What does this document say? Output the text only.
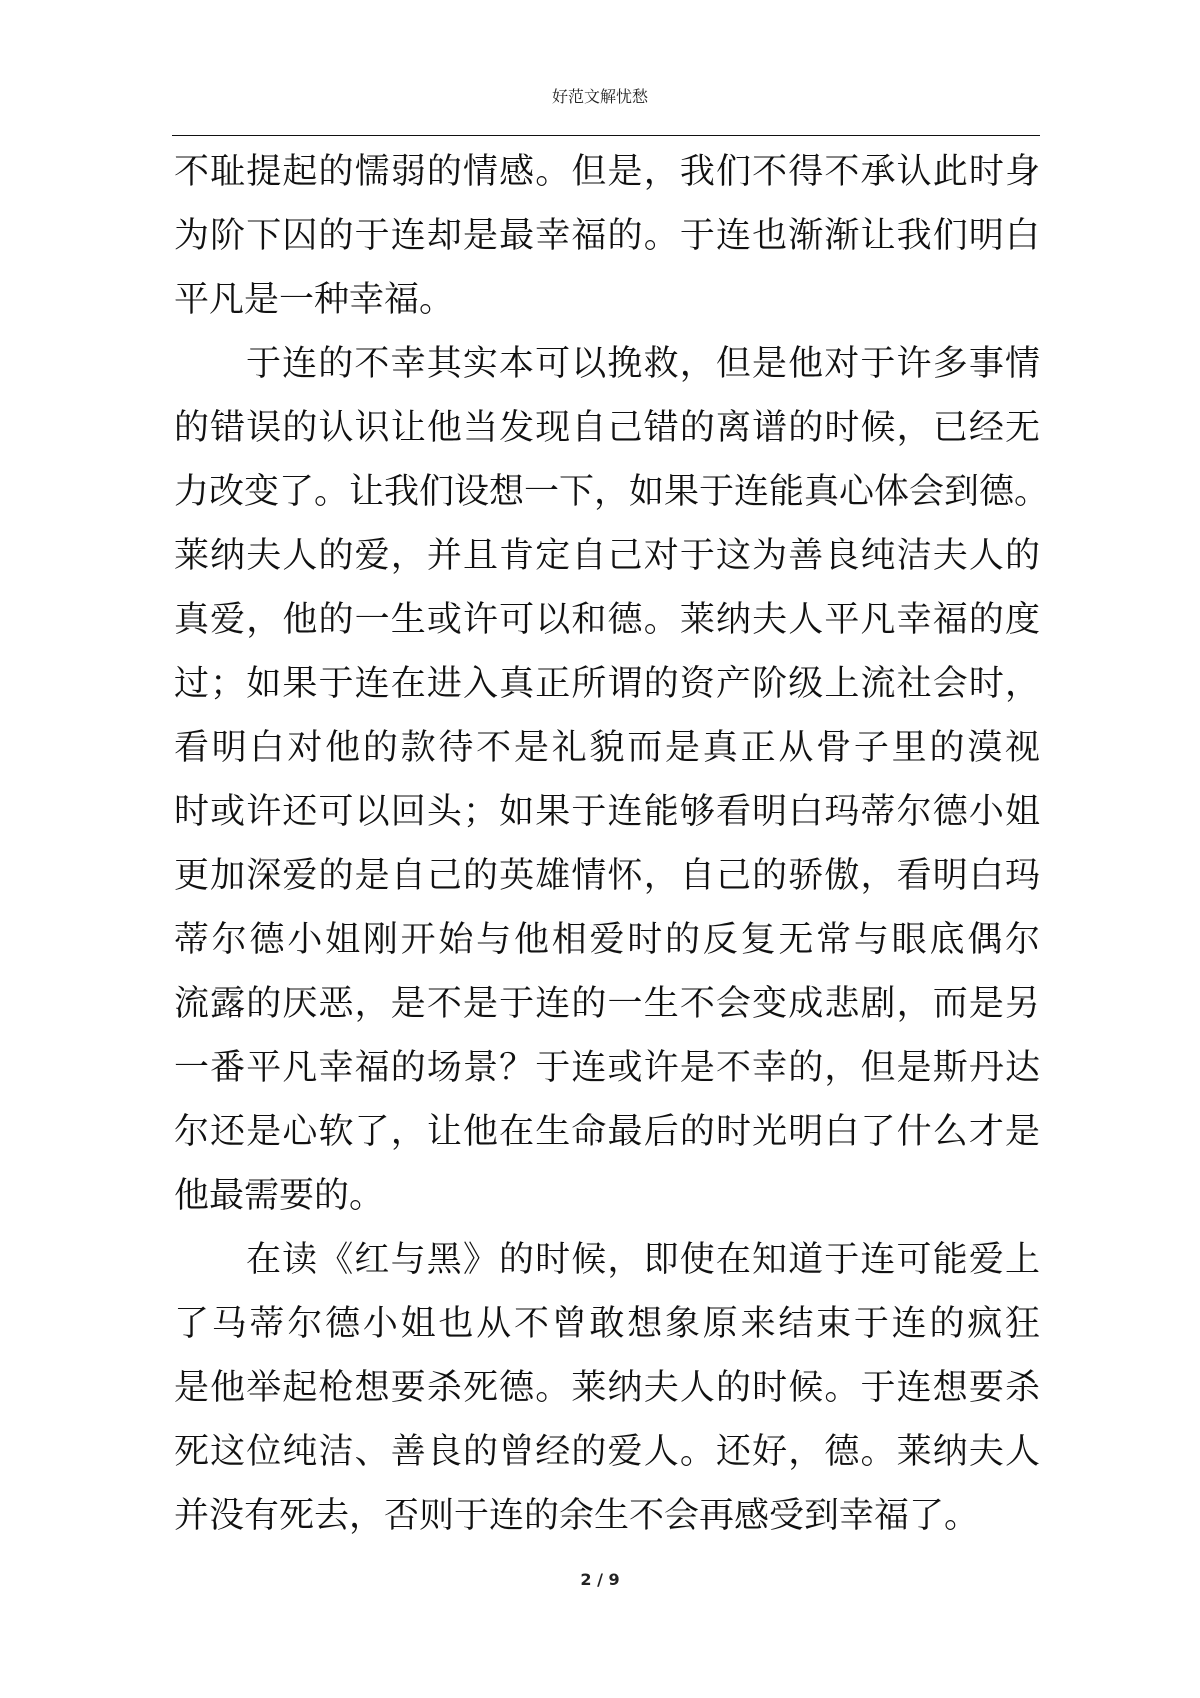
好范文解忧愁
不耻提起的懦弱的情感。但是，我们不得不承认此时身
为阶下囚的于连却是最幸福的。于连也渐渐让我们明白
平凡是一种幸福。
于连的不幸其实本可以挽救，但是他对于许多事情
的错误的认识让他当发现自己错的离谱的时候，已经无
力改变了。让我们设想一下，如果于连能真心体会到德。
莱纳夫人的爱，并且肯定自己对于这为善良纯洁夫人的
真爱，他的一生或许可以和德。莱纳夫人平凡幸福的度
过；如果于连在进入真正所谓的资产阶级上流社会时，
看明白对他的款待不是礼貌而是真正从骨子里的漠视
时或许还可以回头；如果于连能够看明白玛蒂尔德小姐
更加深爱的是自己的英雄情怀，自己的骄傲，看明白玛
蒂尔德小姐刚开始与他相爱时的反复无常与眼底偶尔
流露的厌恶，是不是于连的一生不会变成悲剧，而是另
一番平凡幸福的场景？于连或许是不幸的，但是斯丹达
尔还是心软了，让他在生命最后的时光明白了什么才是
他最需要的。
在读《红与黑》的时候，即使在知道于连可能爱上
了马蒂尔德小姐也从不曾敢想象原来结束于连的疯狂
是他举起枪想要杀死德。莱纳夫人的时候。于连想要杀
死这位纯洁、善良的曾经的爱人。还好，德。莱纳夫人
并没有死去，否则于连的余生不会再感受到幸福了。
2 / 9
